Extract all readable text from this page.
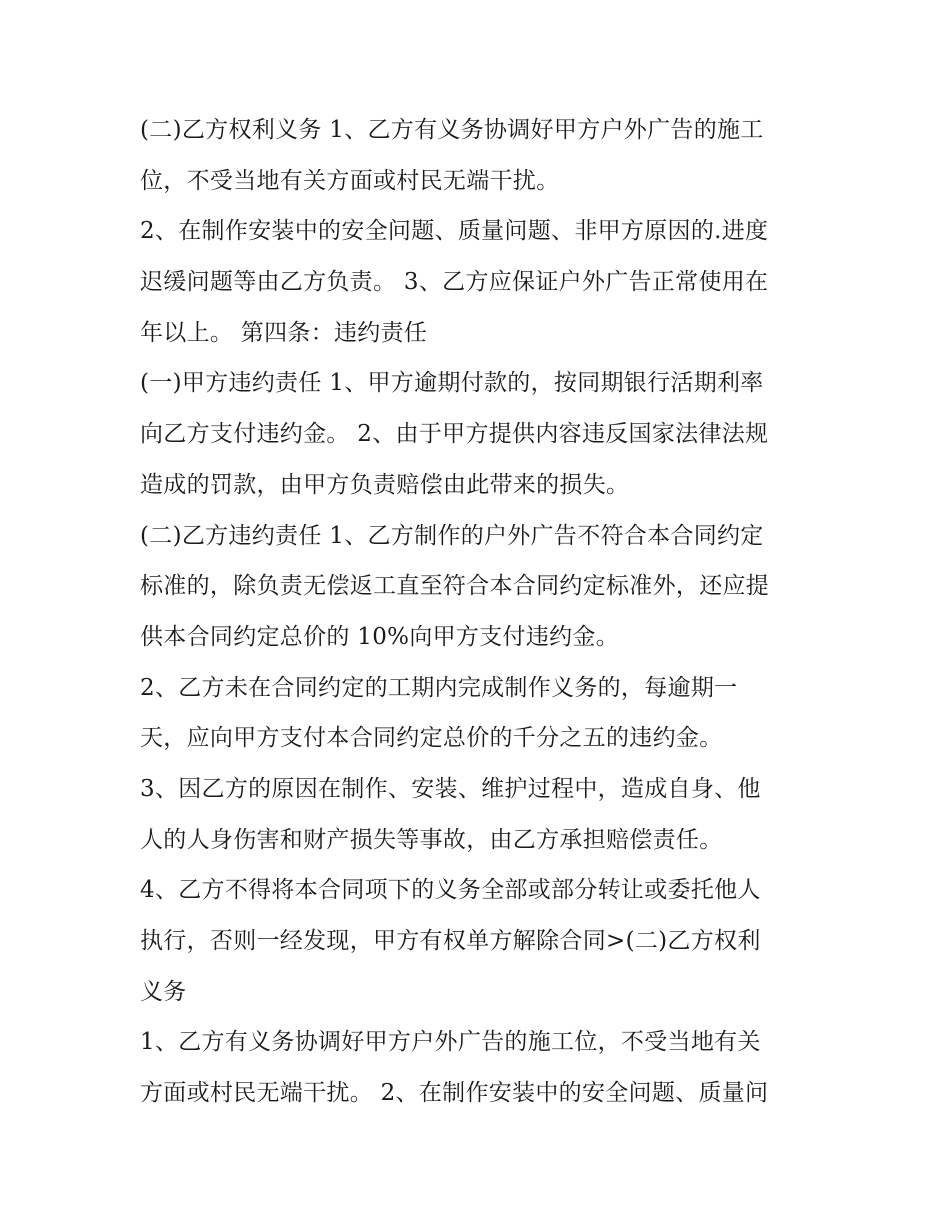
(二)乙方权利义务 1、乙方有义务协调好甲方户外广告的施工
位，不受当地有关方面或村民无端干扰。
2、在制作安装中的安全问题、质量问题、非甲方原因的.进度
迟缓问题等由乙方负责。 3、乙方应保证户外广告正常使用在
年以上。 第四条：违约责任
(一)甲方违约责任 1、甲方逾期付款的，按同期银行活期利率
向乙方支付违约金。 2、由于甲方提供内容违反国家法律法规
造成的罚款，由甲方负责赔偿由此带来的损失。
(二)乙方违约责任 1、乙方制作的户外广告不符合本合同约定
标准的，除负责无偿返工直至符合本合同约定标准外，还应提
供本合同约定总价的 10%向甲方支付违约金。
2、乙方未在合同约定的工期内完成制作义务的，每逾期一
天，应向甲方支付本合同约定总价的千分之五的违约金。
3、因乙方的原因在制作、安装、维护过程中，造成自身、他
人的人身伤害和财产损失等事故，由乙方承担赔偿责任。
4、乙方不得将本合同项下的义务全部或部分转让或委托他人
执行，否则一经发现，甲方有权单方解除合同>(二)乙方权利
义务
1、乙方有义务协调好甲方户外广告的施工位，不受当地有关
方面或村民无端干扰。 2、在制作安装中的安全问题、质量问
